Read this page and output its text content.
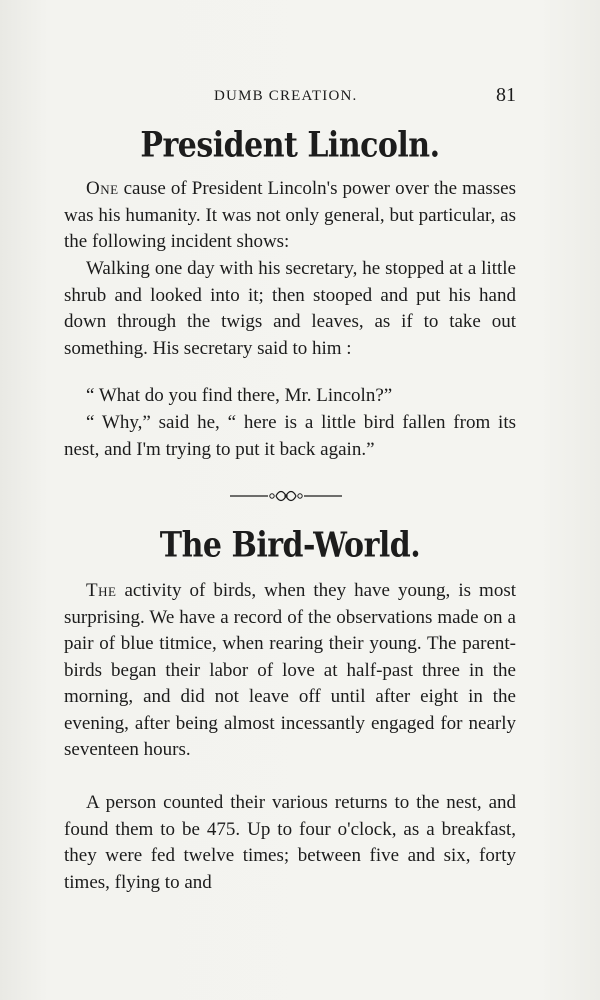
DUMB CREATION.	81
President Lincoln.

One cause of President Lincoln's power over the masses was his humanity. It was not only general, but particular, as the following incident shows:

Walking one day with his secretary, he stopped at a little shrub and looked into it; then stooped and put his hand down through the twigs and leaves, as if to take out something. His secretary said to him :

“ What do you find there, Mr. Lincoln?”

“ Why,” said he, “ here is a little bird fallen from its nest, and I'm trying to put it back again.”

The Bird-World.

The activity of birds, when they have young, is most surprising. We have a record of the observations made on a pair of blue titmice, when rearing their young. The parent-birds began their labor of love at half-past three in the morning, and did not leave off until after eight in the evening, after being almost incessantly engaged for nearly seventeen hours.

A person counted their various returns to the nest, and found them to be 475. Up to four o'clock, as a breakfast, they were fed twelve times; between five and six, forty times, flying to and
